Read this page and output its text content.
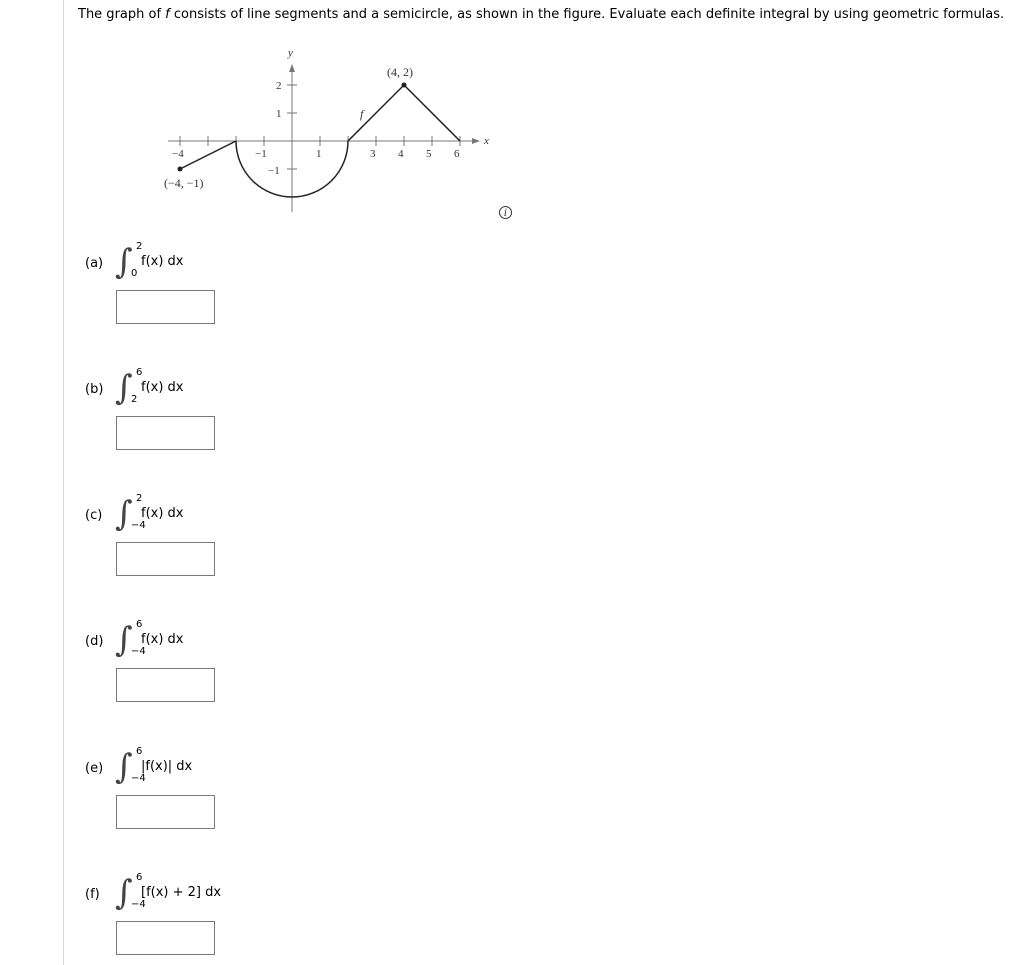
The graph of f consists of line segments and a semicircle, as shown in the figure. Evaluate each definite integral by using geometric formulas.
−4	−1	1	3 4 5 6
2
1
−1
y
x
(4, 2)
(−4, −1)
f
i
(a) ∫ 2
0
f(x) dx
(b) ∫ 6
2
f(x) dx
(c) ∫ 2
−4
f(x) dx
(d) ∫ 6
−4
f(x) dx
(e) ∫ 6
−4
|f(x)| dx
(f) ∫ 6
−4
[f(x) + 2] dx
